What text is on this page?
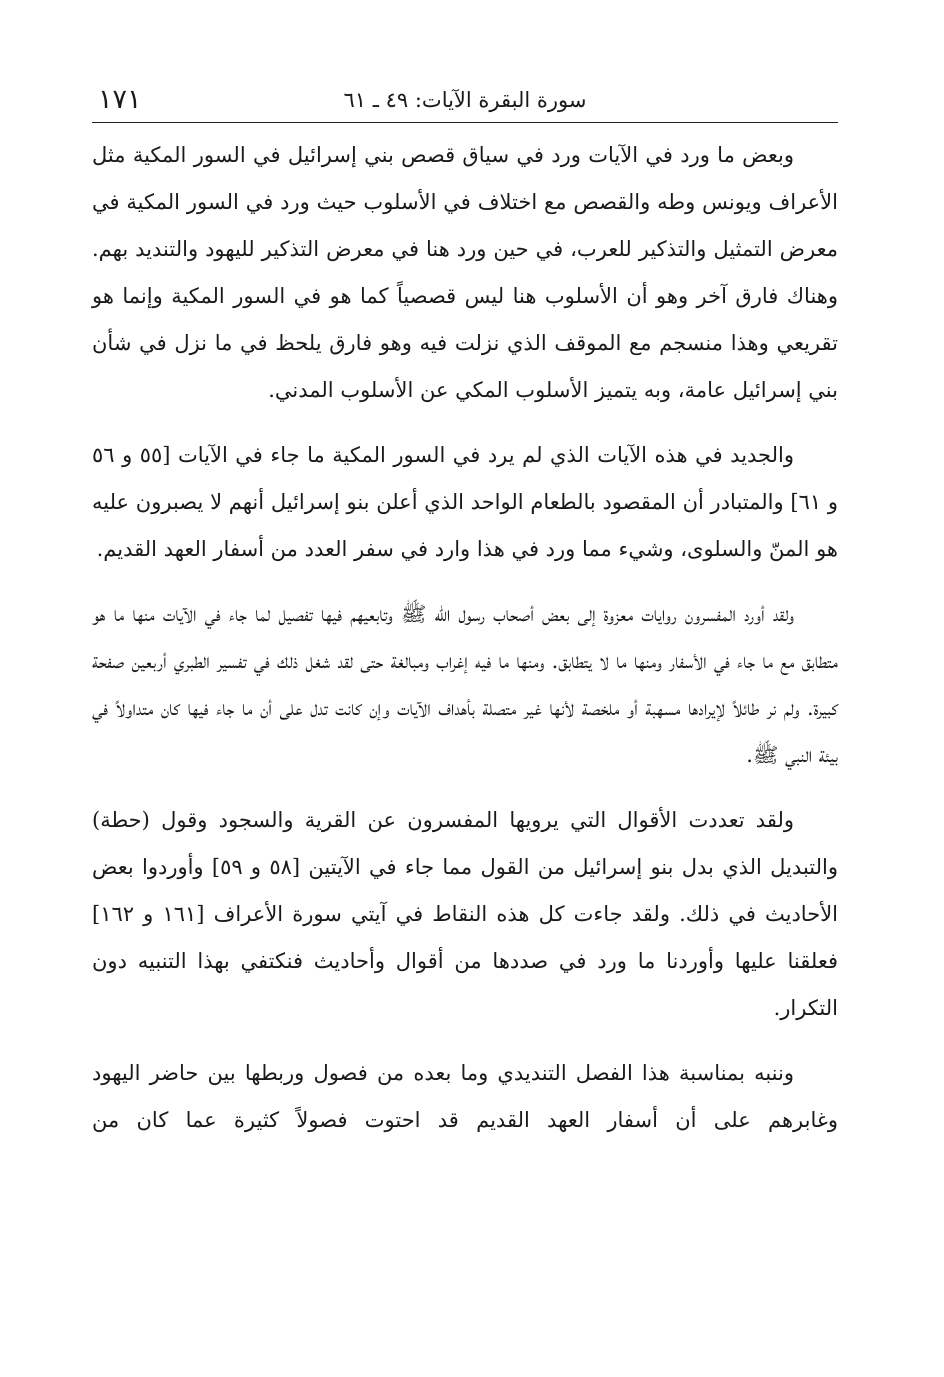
١٧١	سورة البقرة الآيات: ٤٩ ـ ٦١

وبعض ما ورد في الآيات ورد في سياق قصص بني إسرائيل في السور المكية مثل الأعراف ويونس وطه والقصص مع اختلاف في الأسلوب حيث ورد في السور المكية في معرض التمثيل والتذكير للعرب، في حين ورد هنا في معرض التذكير لليهود والتنديد بهم. وهناك فارق آخر وهو أن الأسلوب هنا ليس قصصياً كما هو في السور المكية وإنما هو تقريعي وهذا منسجم مع الموقف الذي نزلت فيه وهو فارق يلحظ في ما نزل في شأن بني إسرائيل عامة، وبه يتميز الأسلوب المكي عن الأسلوب المدني.

والجديد في هذه الآيات الذي لم يرد في السور المكية ما جاء في الآيات [٥٥ و ٥٦ و ٦١] والمتبادر أن المقصود بالطعام الواحد الذي أعلن بنو إسرائيل أنهم لا يصبرون عليه هو المنّ والسلوى، وشيء مما ورد في هذا وارد في سفر العدد من أسفار العهد القديم.

ولقد أورد المفسرون روايات معزوة إلى بعض أصحاب رسول الله ﷺ وتابعيهم فيها تفصيل لما جاء في الآيات منها ما هو متطابق مع ما جاء في الأسفار ومنها ما لا يتطابق. ومنها ما فيه إغراب ومبالغة حتى لقد شغل ذلك في تفسير الطبري أربعين صفحة كبيرة. ولم نر طائلاً لإيرادها مسهبة أو ملخصة لأنها غير متصلة بأهداف الآيات وإن كانت تدل على أن ما جاء فيها كان متداولاً في بيئة النبي ﷺ.

ولقد تعددت الأقوال التي يرويها المفسرون عن القرية والسجود وقول (حطة) والتبديل الذي بدل بنو إسرائيل من القول مما جاء في الآيتين [٥٨ و ٥٩] وأوردوا بعض الأحاديث في ذلك. ولقد جاءت كل هذه النقاط في آيتي سورة الأعراف [١٦١ و ١٦٢] فعلقنا عليها وأوردنا ما ورد في صددها من أقوال وأحاديث فنكتفي بهذا التنبيه دون التكرار.

وننبه بمناسبة هذا الفصل التنديدي وما بعده من فصول وربطها بين حاضر اليهود وغابرهم على أن أسفار العهد القديم قد احتوت فصولاً كثيرة عما كان من
